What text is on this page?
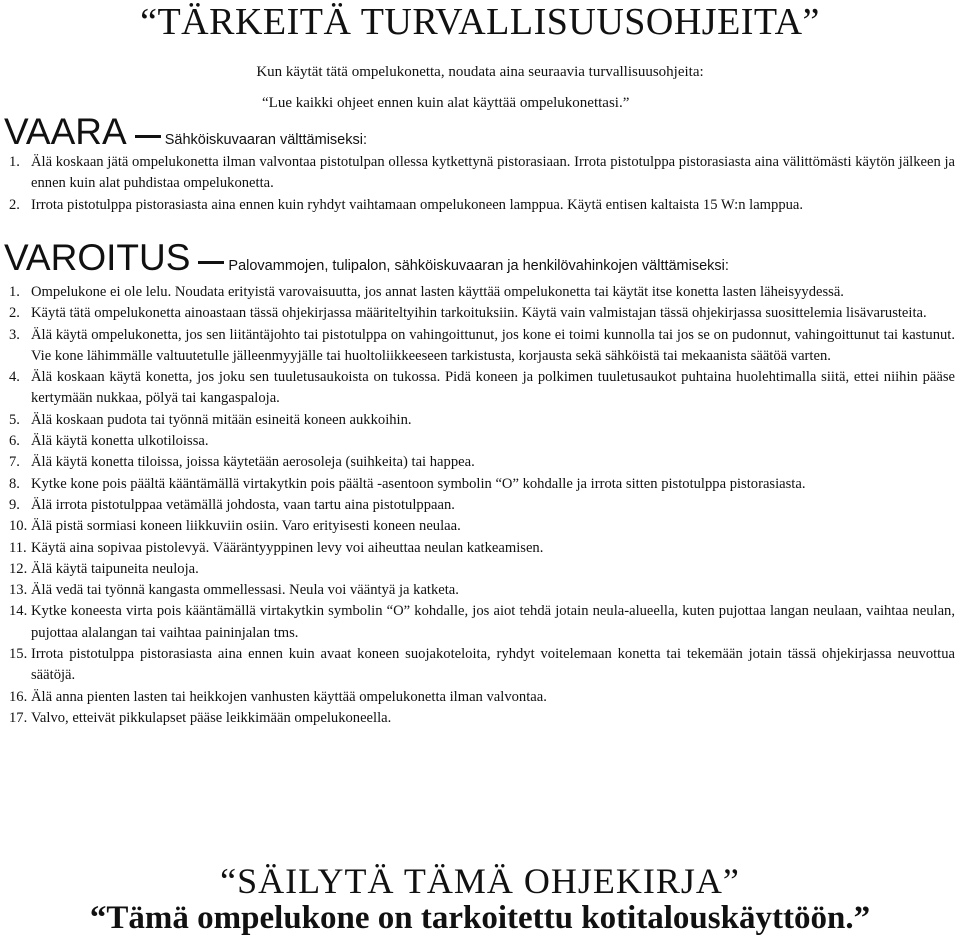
“TÄRKEITÄ TURVALLISUUSOHJEITA”
Kun käytät tätä ompelukonetta, noudata aina seuraavia turvallisuusohjeita:
“Lue kaikki ohjeet ennen kuin alat käyttää ompelukonettasi.”
VAARA	Sähköiskuvaaran välttämiseksi:
1. Älä koskaan jätä ompelukonetta ilman valvontaa pistotulpan ollessa kytkettynä pistorasiaan. Irrota pistotulppa pistorasiasta aina välittömästi käytön jälkeen ja ennen kuin alat puhdistaa ompelukonetta.
2. Irrota pistotulppa pistorasiasta aina ennen kuin ryhdyt vaihtamaan ompelukoneen lamppua. Käytä entisen kaltaista 15 W:n lamppua.
VAROITUS	Palovammojen, tulipalon, sähköiskuvaaran ja henkilövahinkojen välttämiseksi:
1. Ompelukone ei ole lelu. Noudata erityistä varovaisuutta, jos annat lasten käyttää ompelukonetta tai käytät itse konetta lasten läheisyydessä.
2. Käytä tätä ompelukonetta ainoastaan tässä ohjekirjassa määriteltyihin tarkoituksiin. Käytä vain valmistajan tässä ohjekirjassa suosittelemia lisävarusteita.
3. Älä käytä ompelukonetta, jos sen liitäntäjohto tai pistotulppa on vahingoittunut, jos kone ei toimi kunnolla tai jos se on pudonnut, vahingoittunut tai kastunut. Vie kone lähimmälle valtuutetulle jälleenmyyjälle tai huoltoliikkeeseen tarkistusta, korjausta sekä sähköistä tai mekaanista säätöä varten.
4. Älä koskaan käytä konetta, jos joku sen tuuletusaukoista on tukossa. Pidä koneen ja polkimen tuuletusaukot puhtaina huolehtimalla siitä, ettei niihin pääse kertymään nukkaa, pölyä tai kangaspaloja.
5. Älä koskaan pudota tai työnnä mitään esineitä koneen aukkoihin.
6. Älä käytä konetta ulkotiloissa.
7. Älä käytä konetta tiloissa, joissa käytetään aerosoleja (suihkeita) tai happea.
8. Kytke kone pois päältä kääntämällä virtakytkin pois päältä -asentoon symbolin “O” kohdalle ja irrota sitten pistotulppa pistorasiasta.
9. Älä irrota pistotulppaa vetämällä johdosta, vaan tartu aina pistotulppaan.
10. Älä pistä sormiasi koneen liikkuviin osiin. Varo erityisesti koneen neulaa.
11. Käytä aina sopivaa pistolevyä. Vääräntyyppinen levy voi aiheuttaa neulan katkeamisen.
12. Älä käytä taipuneita neuloja.
13. Älä vedä tai työnnä kangasta ommellessasi. Neula voi vääntyä ja katketa.
14. Kytke koneesta virta pois kääntämällä virtakytkin symbolin “O” kohdalle, jos aiot tehdä jotain neula-alueella, kuten pujottaa langan neulaan, vaihtaa neulan, pujottaa alalangan tai vaihtaa paininjalan tms.
15. Irrota pistotulppa pistorasiasta aina ennen kuin avaat koneen suojakoteloita, ryhdyt voitelemaan konetta tai tekemään jotain tässä ohjekirjassa neuvottua säätöjä.
16. Älä anna pienten lasten tai heikkojen vanhusten käyttää ompelukonetta ilman valvontaa.
17. Valvo, etteivät pikkulapset pääse leikkimään ompelukoneella.
“SÄILYTÄ TÄMÄ OHJEKIRJA”
“Tämä ompelukone on tarkoitettu kotitalouskäyttöön.”
